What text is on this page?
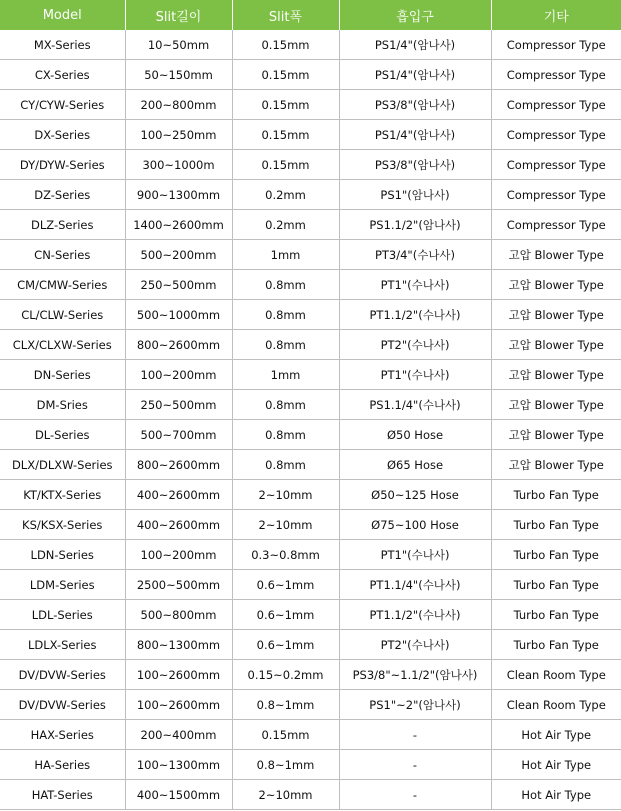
Model	Slit길이	Slit폭	흡입구	기타
MX-Series	10~50mm	0.15mm	PS1/4"(암나사)	Compressor Type
CX-Series	50~150mm	0.15mm	PS1/4"(암나사)	Compressor Type
CY/CYW-Series	200~800mm	0.15mm	PS3/8"(암나사)	Compressor Type
DX-Series	100~250mm	0.15mm	PS1/4"(암나사)	Compressor Type
DY/DYW-Series	300~1000m	0.15mm	PS3/8"(암나사)	Compressor Type
DZ-Series	900~1300mm	0.2mm	PS1"(암나사)	Compressor Type
DLZ-Series	1400~2600mm	0.2mm	PS1.1/2"(암나사)	Compressor Type
CN-Series	500~200mm	1mm	PT3/4"(수나사)	고압 Blower Type
CM/CMW-Series	250~500mm	0.8mm	PT1"(수나사)	고압 Blower Type
CL/CLW-Series	500~1000mm	0.8mm	PT1.1/2"(수나사)	고압 Blower Type
CLX/CLXW-Series	800~2600mm	0.8mm	PT2"(수나사)	고압 Blower Type
DN-Series	100~200mm	1mm	PT1"(수나사)	고압 Blower Type
DM-Sries	250~500mm	0.8mm	PS1.1/4"(수나사)	고압 Blower Type
DL-Series	500~700mm	0.8mm	Ø50 Hose	고압 Blower Type
DLX/DLXW-Series	800~2600mm	0.8mm	Ø65 Hose	고압 Blower Type
KT/KTX-Series	400~2600mm	2~10mm	Ø50~125 Hose	Turbo Fan Type
KS/KSX-Series	400~2600mm	2~10mm	Ø75~100 Hose	Turbo Fan Type
LDN-Series	100~200mm	0.3~0.8mm	PT1"(수나사)	Turbo Fan Type
LDM-Series	2500~500mm	0.6~1mm	PT1.1/4"(수나사)	Turbo Fan Type
LDL-Series	500~800mm	0.6~1mm	PT1.1/2"(수나사)	Turbo Fan Type
LDLX-Series	800~1300mm	0.6~1mm	PT2"(수나사)	Turbo Fan Type
DV/DVW-Series	100~2600mm	0.15~0.2mm	PS3/8"~1.1/2"(암나사)	Clean Room Type
DV/DVW-Series	100~2600mm	0.8~1mm	PS1"~2"(암나사)	Clean Room Type
HAX-Series	200~400mm	0.15mm	-	Hot Air Type
HA-Series	100~1300mm	0.8~1mm	-	Hot Air Type
HAT-Series	400~1500mm	2~10mm	-	Hot Air Type
